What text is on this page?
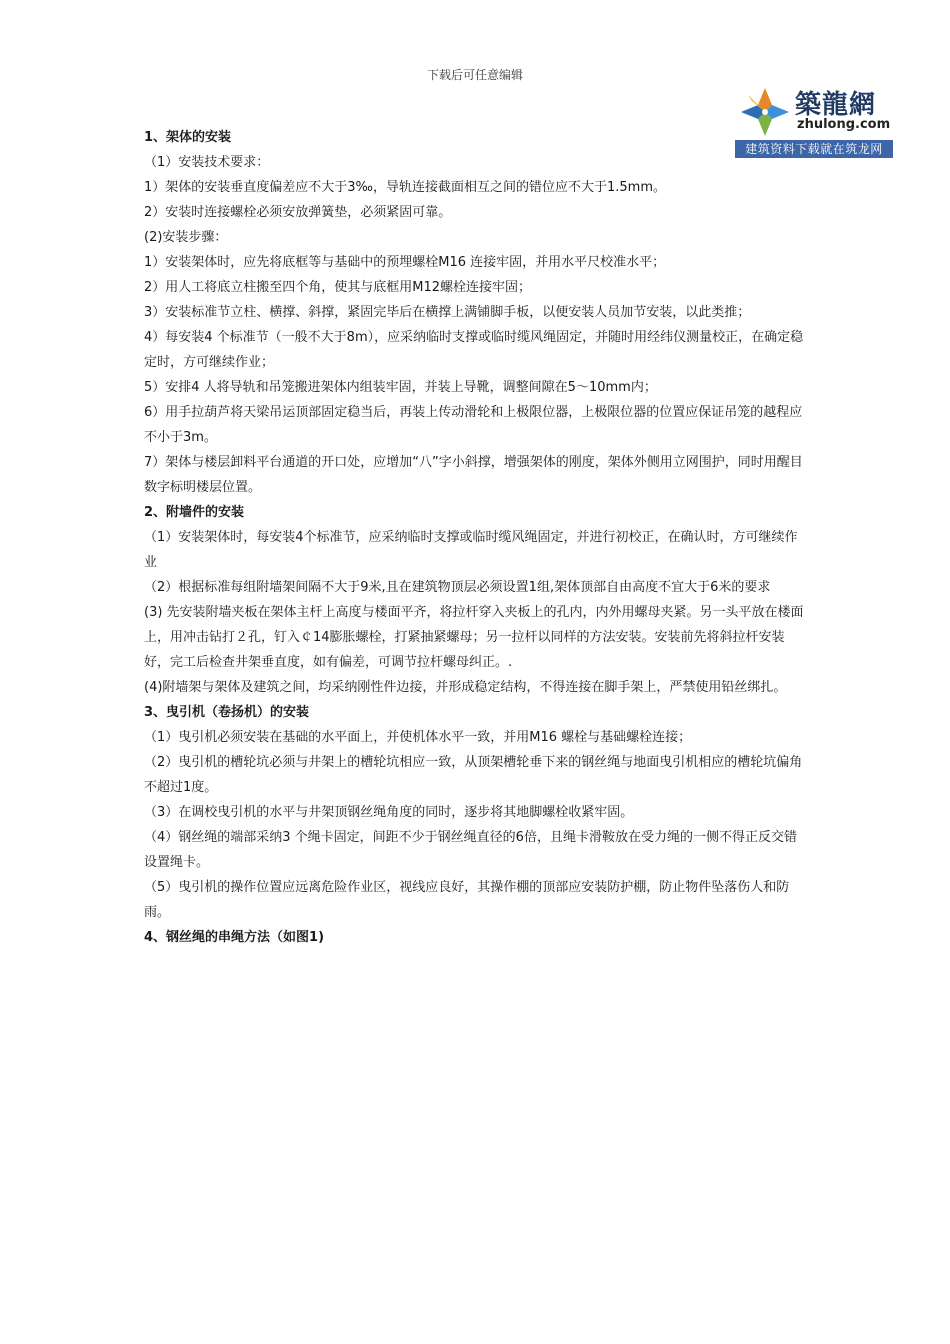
下载后可任意编辑
築龍網
zhulong.com
建筑资料下载就在筑龙网
1、架体的安装

（1）安装技术要求：

1）架体的安装垂直度偏差应不大于3‰，导轨连接截面相互之间的错位应不大于1.5mm。

2）安装时连接螺栓必须安放弹簧垫，必须紧固可靠。

(2)安装步骤：

1）安装架体时，应先将底框等与基础中的预埋螺栓M16 连接牢固，并用水平尺校准水平；

2）用人工将底立柱搬至四个角，使其与底框用M12螺栓连接牢固；

3）安装标准节立柱、横撑、斜撑，紧固完毕后在横撑上满铺脚手板，以便安装人员加节安装，以此类推；

4）每安装4 个标准节（一般不大于8m），应采纳临时支撑或临时缆风绳固定，并随时用经纬仪测量校正，在确定稳定时，方可继续作业；

5）安排4 人将导轨和吊笼搬进架体内组装牢固，并装上导靴，调整间隙在5～10mm内；

6）用手拉葫芦将天梁吊运顶部固定稳当后，再装上传动滑轮和上极限位器，上极限位器的位置应保证吊笼的越程应不小于3m。

7）架体与楼层卸料平台通道的开口处，应增加“八”字小斜撑，增强架体的刚度，架体外侧用立网围护，同时用醒目数字标明楼层位置。

2、附墙件的安装

（1）安装架体时，每安装4个标准节，应采纳临时支撑或临时缆风绳固定，并进行初校正，在确认时，方可继续作业

（2）根据标准每组附墙架间隔不大于9米,且在建筑物顶层必须设置1组,架体顶部自由高度不宜大于6米的要求

(3) 先安装附墙夹板在架体主杆上高度与楼面平齐，将拉杆穿入夹板上的孔内，内外用螺母夹紧。另一头平放在楼面上，用冲击钻打２孔，钉入￠14膨胀螺栓，打紧抽紧螺母；另一拉杆以同样的方法安装。安装前先将斜拉杆安装好，完工后检查井架垂直度，如有偏差，可调节拉杆螺母纠正。.

(4)附墙架与架体及建筑之间，均采纳刚性件边接，并形成稳定结构，不得连接在脚手架上，严禁使用铅丝绑扎。

3、曳引机（卷扬机）的安装

（1）曳引机必须安装在基础的水平面上，并使机体水平一致，并用M16 螺栓与基础螺栓连接；

（2）曳引机的槽轮坑必须与井架上的槽轮坑相应一致，从顶架槽轮垂下来的钢丝绳与地面曳引机相应的槽轮坑偏角不超过1度。

（3）在调校曳引机的水平与井架顶钢丝绳角度的同时，逐步将其地脚螺栓收紧牢固。

（4）钢丝绳的端部采纳3 个绳卡固定，间距不少于钢丝绳直径的6倍，且绳卡滑鞍放在受力绳的一侧不得正反交错设置绳卡。

（5）曳引机的操作位置应远离危险作业区，视线应良好，其操作棚的顶部应安装防护棚，防止物件坠落伤人和防雨。

4、钢丝绳的串绳方法（如图1)
